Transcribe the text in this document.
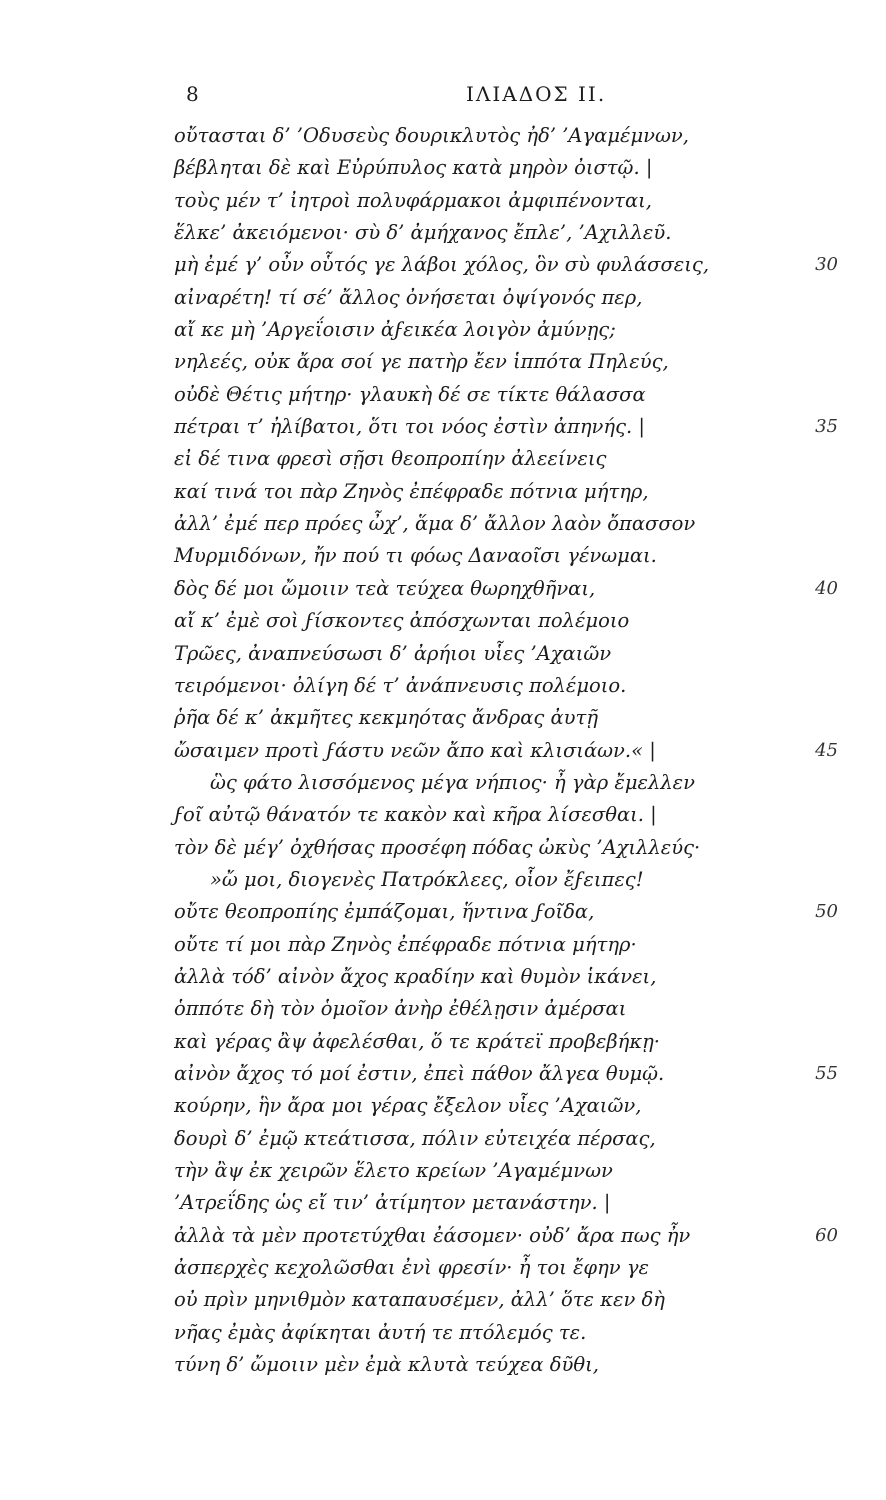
8	ΙΛΙΑΔΟΣ II.
οὔτασται δ’ ’Οδυσεὺς δουρικλυτὸς ἠδ’ ’Αγαμέμνων,
βέβληται δὲ καὶ Εὐρύπυλος κατὰ μηρὸν ὀιστῷ. |
τοὺς μέν τ’ ἰητροὶ πολυφάρμακοι ἀμφιπένονται,
ἕλκε’ ἀκειόμενοι· σὺ δ’ ἀμήχανος ἔπλε’, ’Αχιλλεῦ.
μὴ ἐμέ γ’ οὖν οὗτός γε λάβοι χόλος, ὃν σὺ φυλάσσεις,	30
αἰναρέτη! τί σέ’ ἄλλος ὀνήσεται ὀψίγονός περ,
αἴ κε μὴ ’Αργεΐοισιν ἀϝεικέα λοιγὸν ἀμύνῃς;
νηλεές, οὐκ ἄρα σοί γε πατὴρ ἔεν ἱππότα Πηλεύς,
οὐδὲ Θέτις μήτηρ· γλαυκὴ δέ σε τίκτε θάλασσα
πέτραι τ’ ἠλίβατοι, ὅτι τοι νόος ἐστὶν ἀπηνής. |	35
εἰ δέ τινα φρεσὶ σῇσι θεοπροπίην ἀλεείνεις
καί τινά τοι πὰρ Ζηνὸς ἐπέφραδε πότνια μήτηρ,
ἀλλ’ ἐμέ περ πρόες ὦχ’, ἅμα δ’ ἄλλον λαὸν ὄπασσον
Μυρμιδόνων, ἤν πού τι φόως Δαναοῖσι γένωμαι.
δὸς δέ μοι ὤμοιιν τεὰ τεύχεα θωρηχθῆναι,	40
αἴ κ’ ἐμὲ σοὶ ϝίσκοντες ἀπόσχωνται πολέμοιο
Τρῶες, ἀναπνεύσωσι δ’ ἀρήιοι υἷες ’Αχαιῶν
τειρόμενοι· ὀλίγη δέ τ’ ἀνάπνευσις πολέμοιο.
ῥῆα δέ κ’ ἀκμῆτες κεκμηότας ἄνδρας ἀυτῇ
ὤσαιμεν προτὶ ϝάστυ νεῶν ἄπο καὶ κλισιάων.« |	45
ὣς φάτο λισσόμενος μέγα νήπιος· ἦ γὰρ ἔμελλεν
ϝοῖ αὐτῷ θάνατόν τε κακὸν καὶ κῆρα λίσεσθαι. |
τὸν δὲ μέγ’ ὀχθήσας προσέφη πόδας ὠκὺς ’Αχιλλεύς·
»ὤ μοι, διογενὲς Πατρόκλεες, οἷον ἔϝειπες!
οὔτε θεοπροπίης ἐμπάζομαι, ἥντινα ϝοῖδα,	50
οὔτε τί μοι πὰρ Ζηνὸς ἐπέφραδε πότνια μήτηρ·
ἀλλὰ τόδ’ αἰνὸν ἄχος κραδίην καὶ θυμὸν ἱκάνει,
ὁππότε δὴ τὸν ὁμοῖον ἀνὴρ ἐθέλῃσιν ἀμέρσαι
καὶ γέρας ἂψ ἀφελέσθαι, ὅ τε κράτεϊ προβεβήκῃ·
αἰνὸν ἄχος τό μοί ἐστιν, ἐπεὶ πάθον ἄλγεα θυμῷ.	55
κούρην, ἣν ἄρα μοι γέρας ἔξελον υἷες ’Αχαιῶν,
δουρὶ δ’ ἐμῷ κτεάτισσα, πόλιν εὐτειχέα πέρσας,
τὴν ἂψ ἐκ χειρῶν ἕλετο κρείων ’Αγαμέμνων
’Ατρεΐδης ὡς εἴ τιν’ ἀτίμητον μετανάστην. |
ἀλλὰ τὰ μὲν προτετύχθαι ἐάσομεν· οὐδ’ ἄρα πως ἦν	60
ἀσπερχὲς κεχολῶσθαι ἐνὶ φρεσίν· ἦ τοι ἔφην γε
οὐ πρὶν μηνιθμὸν καταπαυσέμεν, ἀλλ’ ὅτε κεν δὴ
νῆας ἐμὰς ἀφίκηται ἀυτή τε πτόλεμός τε.
τύνη δ’ ὤμοιιν μὲν ἐμὰ κλυτὰ τεύχεα δῦθι,
